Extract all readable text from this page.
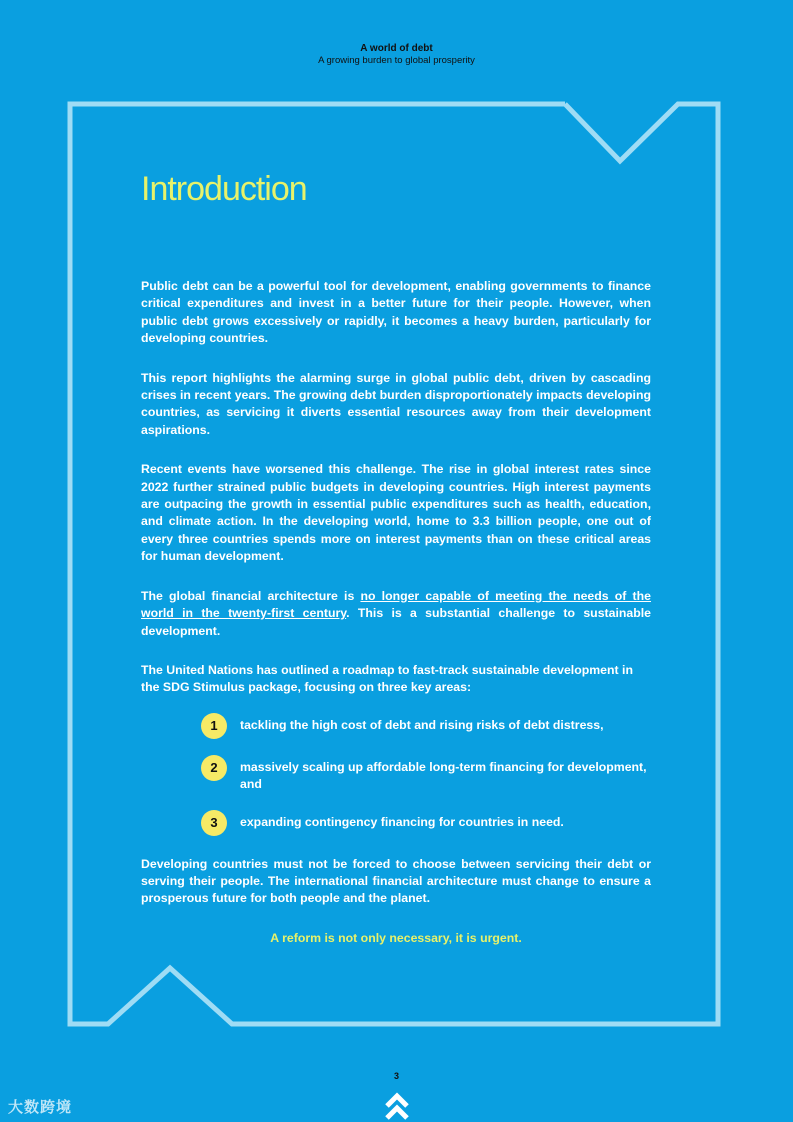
A world of debt
A growing burden to global prosperity
Introduction

Public debt can be a powerful tool for development, enabling governments to finance critical expenditures and invest in a better future for their people. However, when public debt grows excessively or rapidly, it becomes a heavy burden, particularly for developing countries.

This report highlights the alarming surge in global public debt, driven by cascading crises in recent years. The growing debt burden disproportionately impacts developing countries, as servicing it diverts essential resources away from their development aspirations.

Recent events have worsened this challenge. The rise in global interest rates since 2022 further strained public budgets in developing countries. High interest payments are outpacing the growth in essential public expenditures such as health, education, and climate action. In the developing world, home to 3.3 billion people, one out of every three countries spends more on interest payments than on these critical areas for human development.

The global financial architecture is no longer capable of meeting the needs of the world in the twenty-first century. This is a substantial challenge to sustainable development.

The United Nations has outlined a roadmap to fast-track sustainable development in the SDG Stimulus package, focusing on three key areas:

1	tackling the high cost of debt and rising risks of debt distress,
2	massively scaling up affordable long-term financing for development, and
3	expanding contingency financing for countries in need.

Developing countries must not be forced to choose between servicing their debt or serving their people. The international financial architecture must change to ensure a prosperous future for both people and the planet.

A reform is not only necessary, it is urgent.
3
大数跨境
